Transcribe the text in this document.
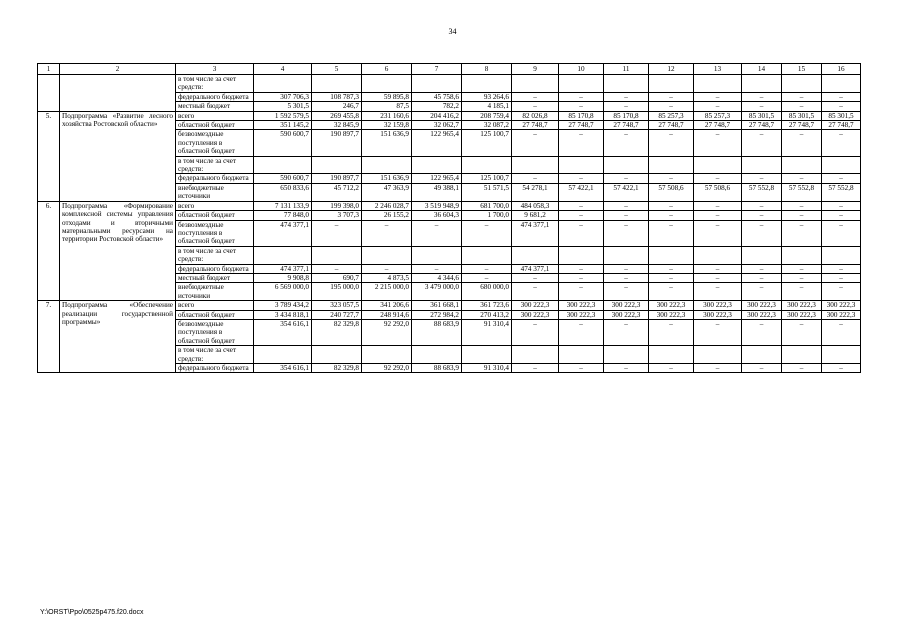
34
1	2	3	4	5	6	7	8	9	10	11	12	13	14	15	16
		в том числе за счет средств:													
		федерального бюджета	307 706,3	108 787,3	59 895,8	45 758,6	93 264,6	–	–	–	–	–	–	–	–
		местный бюджет	5 301,5	246,7	87,5	782,2	4 185,1	–	–	–	–	–	–	–	–
5.	Подпрограмма «Развитие лесного хозяйства Ростовской области»	всего	1 592 579,5	269 455,8	231 160,6	204 416,2	208 759,4	82 026,8	85 170,8	85 170,8	85 257,3	85 257,3	85 301,5	85 301,5	85 301,5
		областной бюджет	351 145,2	32 845,9	32 159,8	32 062,7	32 087,2	27 748,7	27 748,7	27 748,7	27 748,7	27 748,7	27 748,7	27 748,7	27 748,7
		безвозмездные поступления в областной бюджет	590 600,7	190 897,7	151 636,9	122 965,4	125 100,7	–	–	–	–	–	–	–	–
		в том числе за счет средств:													
		федерального бюджета	590 600,7	190 897,7	151 636,9	122 965,4	125 100,7	–	–	–	–	–	–	–	–
		внебюджетные источники	650 833,6	45 712,2	47 363,9	49 388,1	51 571,5	54 278,1	57 422,1	57 422,1	57 508,6	57 508,6	57 552,8	57 552,8	57 552,8
6.	Подпрограмма «Формирование комплексной системы управления отходами и вторичными материальными ресурсами на территории Ростовской области»	всего	7 131 133,9	199 398,0	2 246 028,7	3 519 948,9	681 700,0	484 058,3	–	–	–	–	–	–	–
		областной бюджет	77 848,0	3 707,3	26 155,2	36 604,3	1 700,0	9 681,2	–	–	–	–	–	–	–
		безвозмездные поступления в областной бюджет	474 377,1	–	–	–	–	474 377,1	–	–	–	–	–	–	–
		в том числе за счет средств:													
		федерального бюджета	474 377,1	–	–	–	–	474 377,1	–	–	–	–	–	–	–
		местный бюджет	9 908,8	690,7	4 873,5	4 344,6	–	–	–	–	–	–	–	–	–
		внебюджетные источники	6 569 000,0	195 000,0	2 215 000,0	3 479 000,0	680 000,0	–	–	–	–	–	–	–	–
7.	Подпрограмма «Обеспечение реализации государственной программы»	всего	3 789 434,2	323 057,5	341 206,6	361 668,1	361 723,6	300 222,3	300 222,3	300 222,3	300 222,3	300 222,3	300 222,3	300 222,3	300 222,3
		областной бюджет	3 434 818,1	240 727,7	248 914,6	272 984,2	270 413,2	300 222,3	300 222,3	300 222,3	300 222,3	300 222,3	300 222,3	300 222,3	300 222,3
		безвозмездные поступления в областной бюджет	354 616,1	82 329,8	92 292,0	88 683,9	91 310,4	–	–	–	–	–	–	–	–
		в том числе за счет средств:													
		федерального бюджета	354 616,1	82 329,8	92 292,0	88 683,9	91 310,4	–	–	–	–	–	–	–	–
Y:\ORST\Ppo\0525p475.f20.docx
